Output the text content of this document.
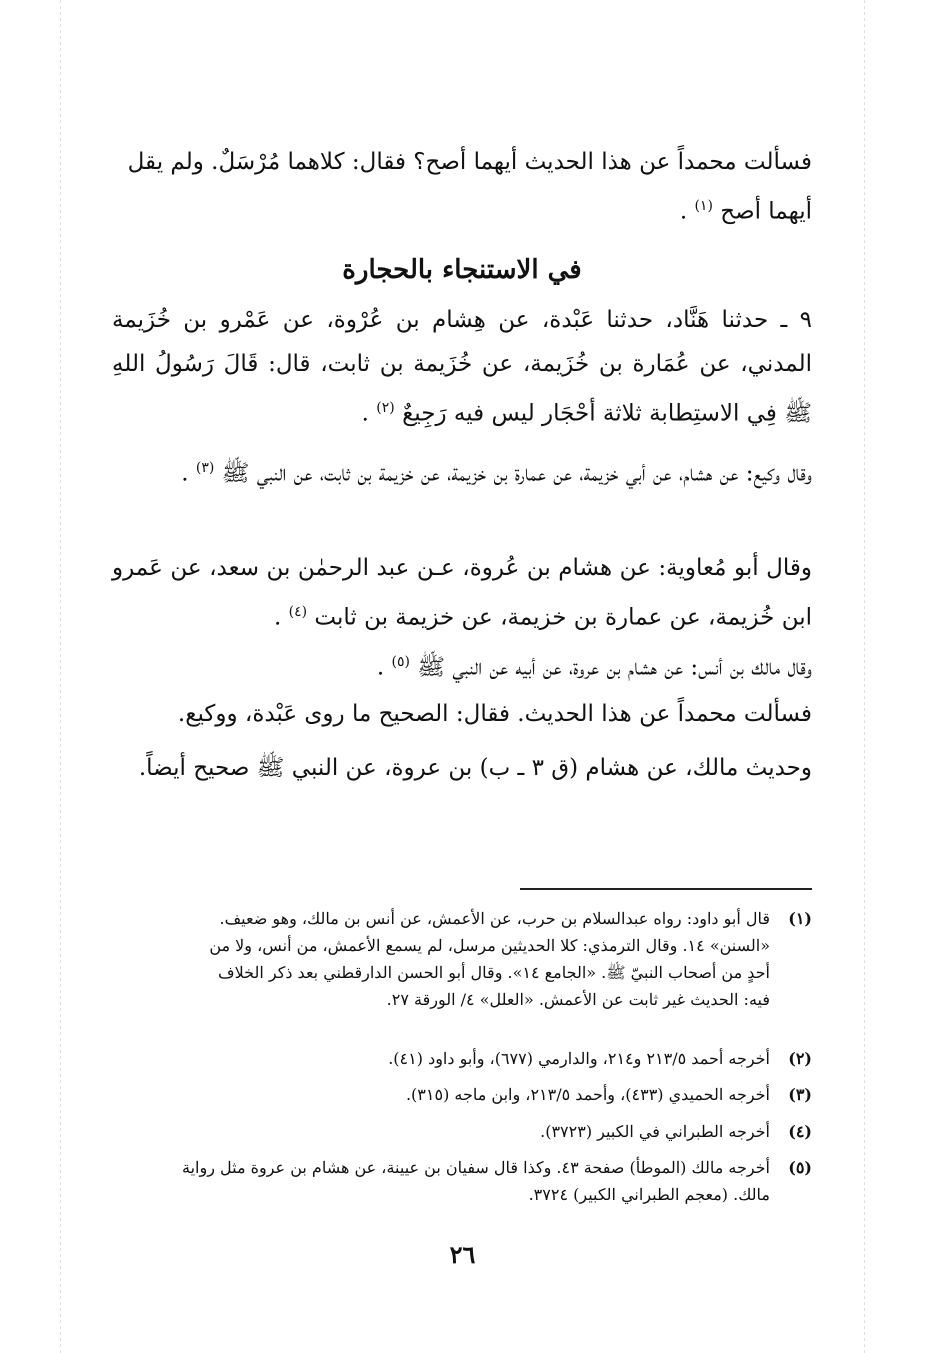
فسألت محمداً عن هذا الحديث أيهما أصح؟ فقال: كلاهما مُرْسَلٌ. ولم يقل
أيهما أصح $^{(١)}$ .

في الاستنجاء بالحجارة

٩ ـ حدثنا هَنَّاد، حدثنا عَبْدة، عن هِشام بن عُرْوة، عن عَمْرو بن خُزَيمة المدني، عن عُمَارة بن خُزَيمة، عن خُزَيمة بن ثابت، قال: قَالَ رَسُولُ اللهِ ﷺ فِي الاستِطابة ثلاثة أحْجَار ليس فيه رَجِيعٌ $^{(٢)}$ .

وقال وكيع: عن هشام، عن أبي خزيمة، عن عمارة بن خزيمة، عن خزيمة بن ثابت، عن النبي ﷺ $^{(٣)}$ .

وقال أبو مُعاوية: عن هشام بن عُروة، عـن عبد الرحمٰن بن سعد، عن عَمرو ابن خُزيمة، عن عمارة بن خزيمة، عن خزيمة بن ثابت $^{(٤)}$ .

وقال مالك بن أنس: عن هشام بن عروة، عن أبيه عن النبي ﷺ $^{(٥)}$ .

فسألت محمداً عن هذا الحديث. فقال: الصحيح ما روى عَبْدة، ووكيع.

وحديث مالك، عن هشام (ق ٣ ـ ب) بن عروة، عن النبي ﷺ صحيح أيضاً.

(١)قال أبو داود: رواه عبدالسلام بن حرب، عن الأعمش، عن أنس بن مالك، وهو ضعيف.
«السنن» ١٤. وقال الترمذي: كلا الحديثين مرسل، لم يسمع الأعمش، من أنس، ولا من
أحدٍ من أصحاب النبيّ ﷺ. «الجامع ١٤». وقال أبو الحسن الدارقطني بعد ذكر الخلاف
فيه: الحديث غير ثابت عن الأعمش. «العلل» ٤/ الورقة ٢٧.
(٢)أخرجه أحمد ٢١٣/٥ و٢١٤، والدارمي (٦٧٧)، وأبو داود (٤١).
(٣)أخرجه الحميدي (٤٣٣)، وأحمد ٢١٣/٥، وابن ماجه (٣١٥).
(٤)أخرجه الطبراني في الكبير (٣٧٢٣).
(٥)أخرجه مالك (الموطأ) صفحة ٤٣. وكذا قال سفيان بن عيينة، عن هشام بن عروة مثل رواية
مالك. (معجم الطبراني الكبير) ٣٧٢٤.
٢٦
